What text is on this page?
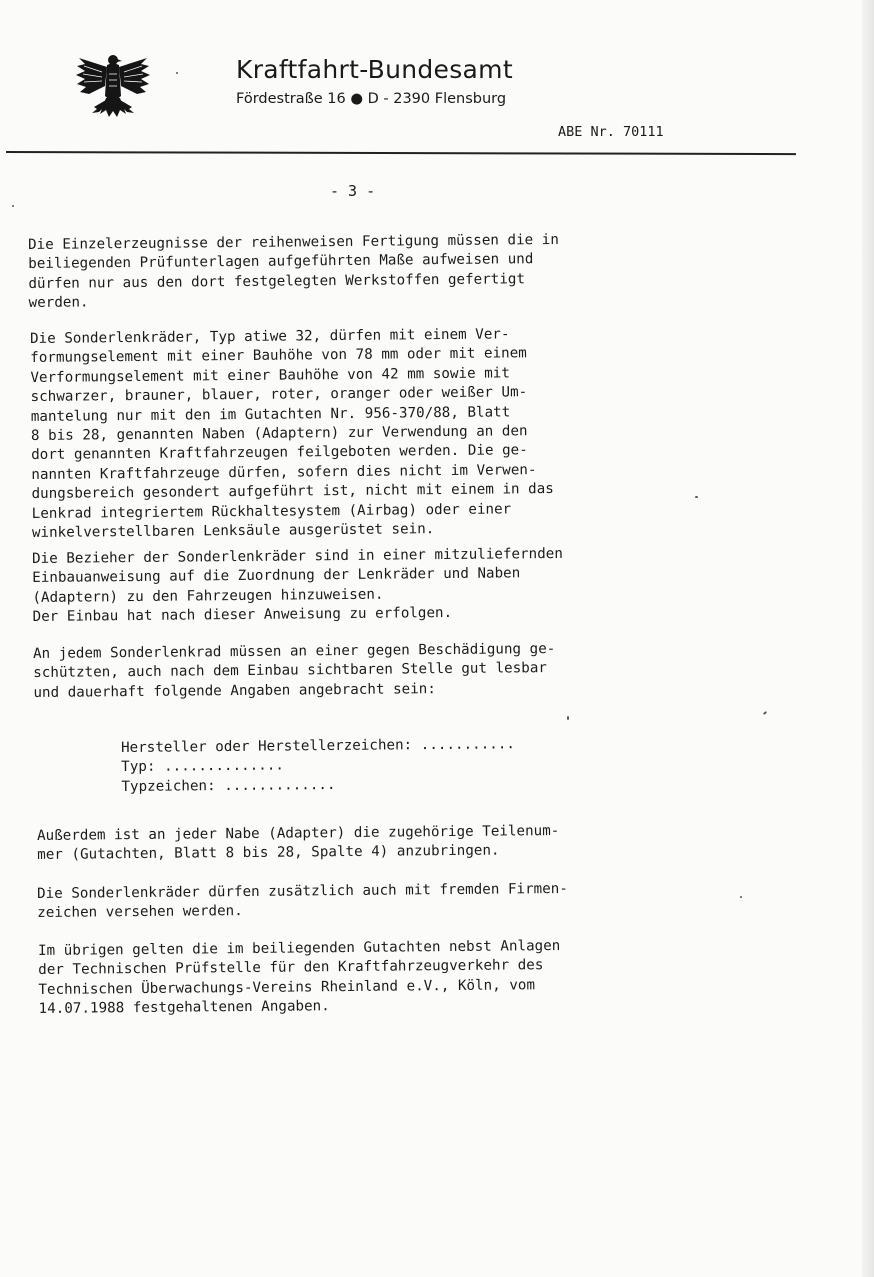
Kraftfahrt-Bundesamt
Fördestraße 16 ● D - 2390 Flensburg
ABE Nr. 70111
- 3 -
Die Einzelerzeugnisse der reihenweisen Fertigung müssen die in
beiliegenden Prüfunterlagen aufgeführten Maße aufweisen und
dürfen nur aus den dort festgelegten Werkstoffen gefertigt
werden.
Die Sonderlenkräder, Typ atiwe 32, dürfen mit einem Ver-
formungselement mit einer Bauhöhe von 78 mm oder mit einem
Verformungselement mit einer Bauhöhe von 42 mm sowie mit
schwarzer, brauner, blauer, roter, oranger oder weißer Um-
mantelung nur mit den im Gutachten Nr. 956-370/88, Blatt
8 bis 28, genannten Naben (Adaptern) zur Verwendung an den
dort genannten Kraftfahrzeugen feilgeboten werden. Die ge-
nannten Kraftfahrzeuge dürfen, sofern dies nicht im Verwen-
dungsbereich gesondert aufgeführt ist, nicht mit einem in das
Lenkrad integriertem Rückhaltesystem (Airbag) oder einer
winkelverstellbaren Lenksäule ausgerüstet sein.
Die Bezieher der Sonderlenkräder sind in einer mitzuliefernden
Einbauanweisung auf die Zuordnung der Lenkräder und Naben
(Adaptern) zu den Fahrzeugen hinzuweisen.
Der Einbau hat nach dieser Anweisung zu erfolgen.
An jedem Sonderlenkrad müssen an einer gegen Beschädigung ge-
schützten, auch nach dem Einbau sichtbaren Stelle gut lesbar
und dauerhaft folgende Angaben angebracht sein:
Hersteller oder Herstellerzeichen: ...........
Typ: ..............
Typzeichen: .............
Außerdem ist an jeder Nabe (Adapter) die zugehörige Teilenum-
mer (Gutachten, Blatt 8 bis 28, Spalte 4) anzubringen.
Die Sonderlenkräder dürfen zusätzlich auch mit fremden Firmen-
zeichen versehen werden.
Im übrigen gelten die im beiliegenden Gutachten nebst Anlagen
der Technischen Prüfstelle für den Kraftfahrzeugverkehr des
Technischen Überwachungs-Vereins Rheinland e.V., Köln, vom
14.07.1988 festgehaltenen Angaben.
